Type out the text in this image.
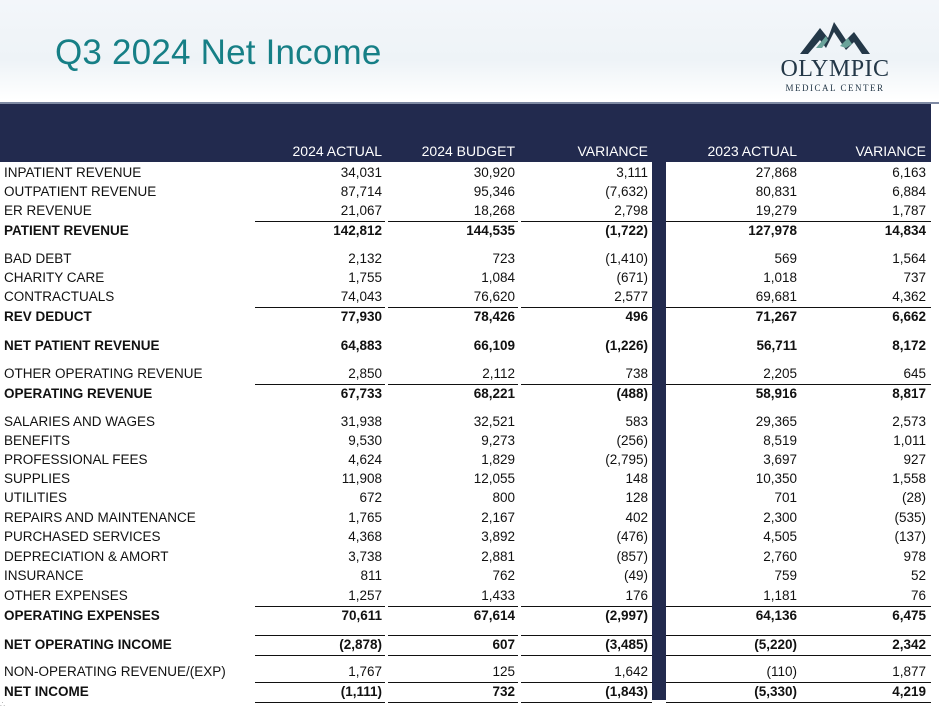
Q3 2024 Net Income	OLYMPIC
MEDICAL CENTER
2024 ACTUAL	2024 BUDGET	VARIANCE	2023 ACTUAL	VARIANCE
INPATIENT REVENUE	34,031	30,920	3,111	27,868	6,163
OUTPATIENT REVENUE	87,714	95,346	(7,632)	80,831	6,884
ER REVENUE	21,067	18,268	2,798	19,279	1,787
PATIENT REVENUE	142,812	144,535	(1,722)	127,978	14,834
BAD DEBT	2,132	723	(1,410)	569	1,564
CHARITY CARE	1,755	1,084	(671)	1,018	737
CONTRACTUALS	74,043	76,620	2,577	69,681	4,362
REV DEDUCT	77,930	78,426	496	71,267	6,662
NET PATIENT REVENUE	64,883	66,109	(1,226)	56,711	8,172
OTHER OPERATING REVENUE	2,850	2,112	738	2,205	645
OPERATING REVENUE	67,733	68,221	(488)	58,916	8,817
SALARIES AND WAGES	31,938	32,521	583	29,365	2,573
BENEFITS	9,530	9,273	(256)	8,519	1,011
PROFESSIONAL FEES	4,624	1,829	(2,795)	3,697	927
SUPPLIES	11,908	12,055	148	10,350	1,558
UTILITIES	672	800	128	701	(28)
REPAIRS AND MAINTENANCE	1,765	2,167	402	2,300	(535)
PURCHASED SERVICES	4,368	3,892	(476)	4,505	(137)
DEPRECIATION & AMORT	3,738	2,881	(857)	2,760	978
INSURANCE	811	762	(49)	759	52
OTHER EXPENSES	1,257	1,433	176	1,181	76
OPERATING EXPENSES	70,611	67,614	(2,997)	64,136	6,475
NET OPERATING INCOME	(2,878)	607	(3,485)	(5,220)	2,342
NON-OPERATING REVENUE/(EXP)	1,767	125	1,642	(110)	1,877
NET INCOME	(1,111)	732	(1,843)	(5,330)	4,219
∴
